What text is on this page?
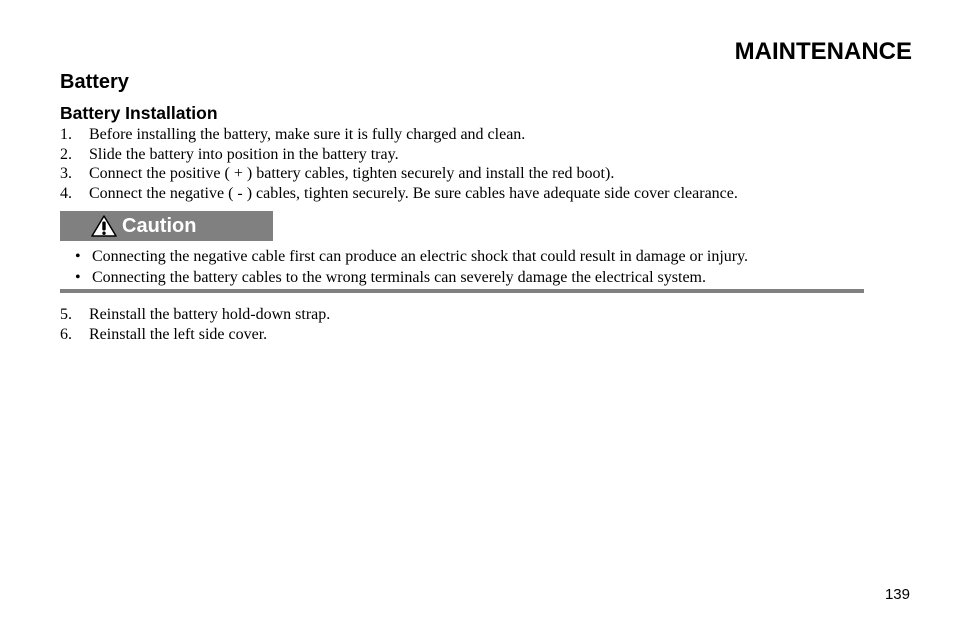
MAINTENANCE
Battery
Battery Installation
1.	Before installing the battery, make sure it is fully charged and clean.
2.	Slide the battery into position in the battery tray.
3.	Connect the positive ( + ) battery cables, tighten securely and install the red boot).
4.	Connect the negative ( - ) cables, tighten securely. Be sure cables have adequate side cover clearance.
Caution
• Connecting the negative cable first can produce an electric shock that could result in damage or injury.
• Connecting the battery cables to the wrong terminals can severely damage the electrical system.
5.	Reinstall the battery hold-down strap.
6.	Reinstall the left side cover.
139
